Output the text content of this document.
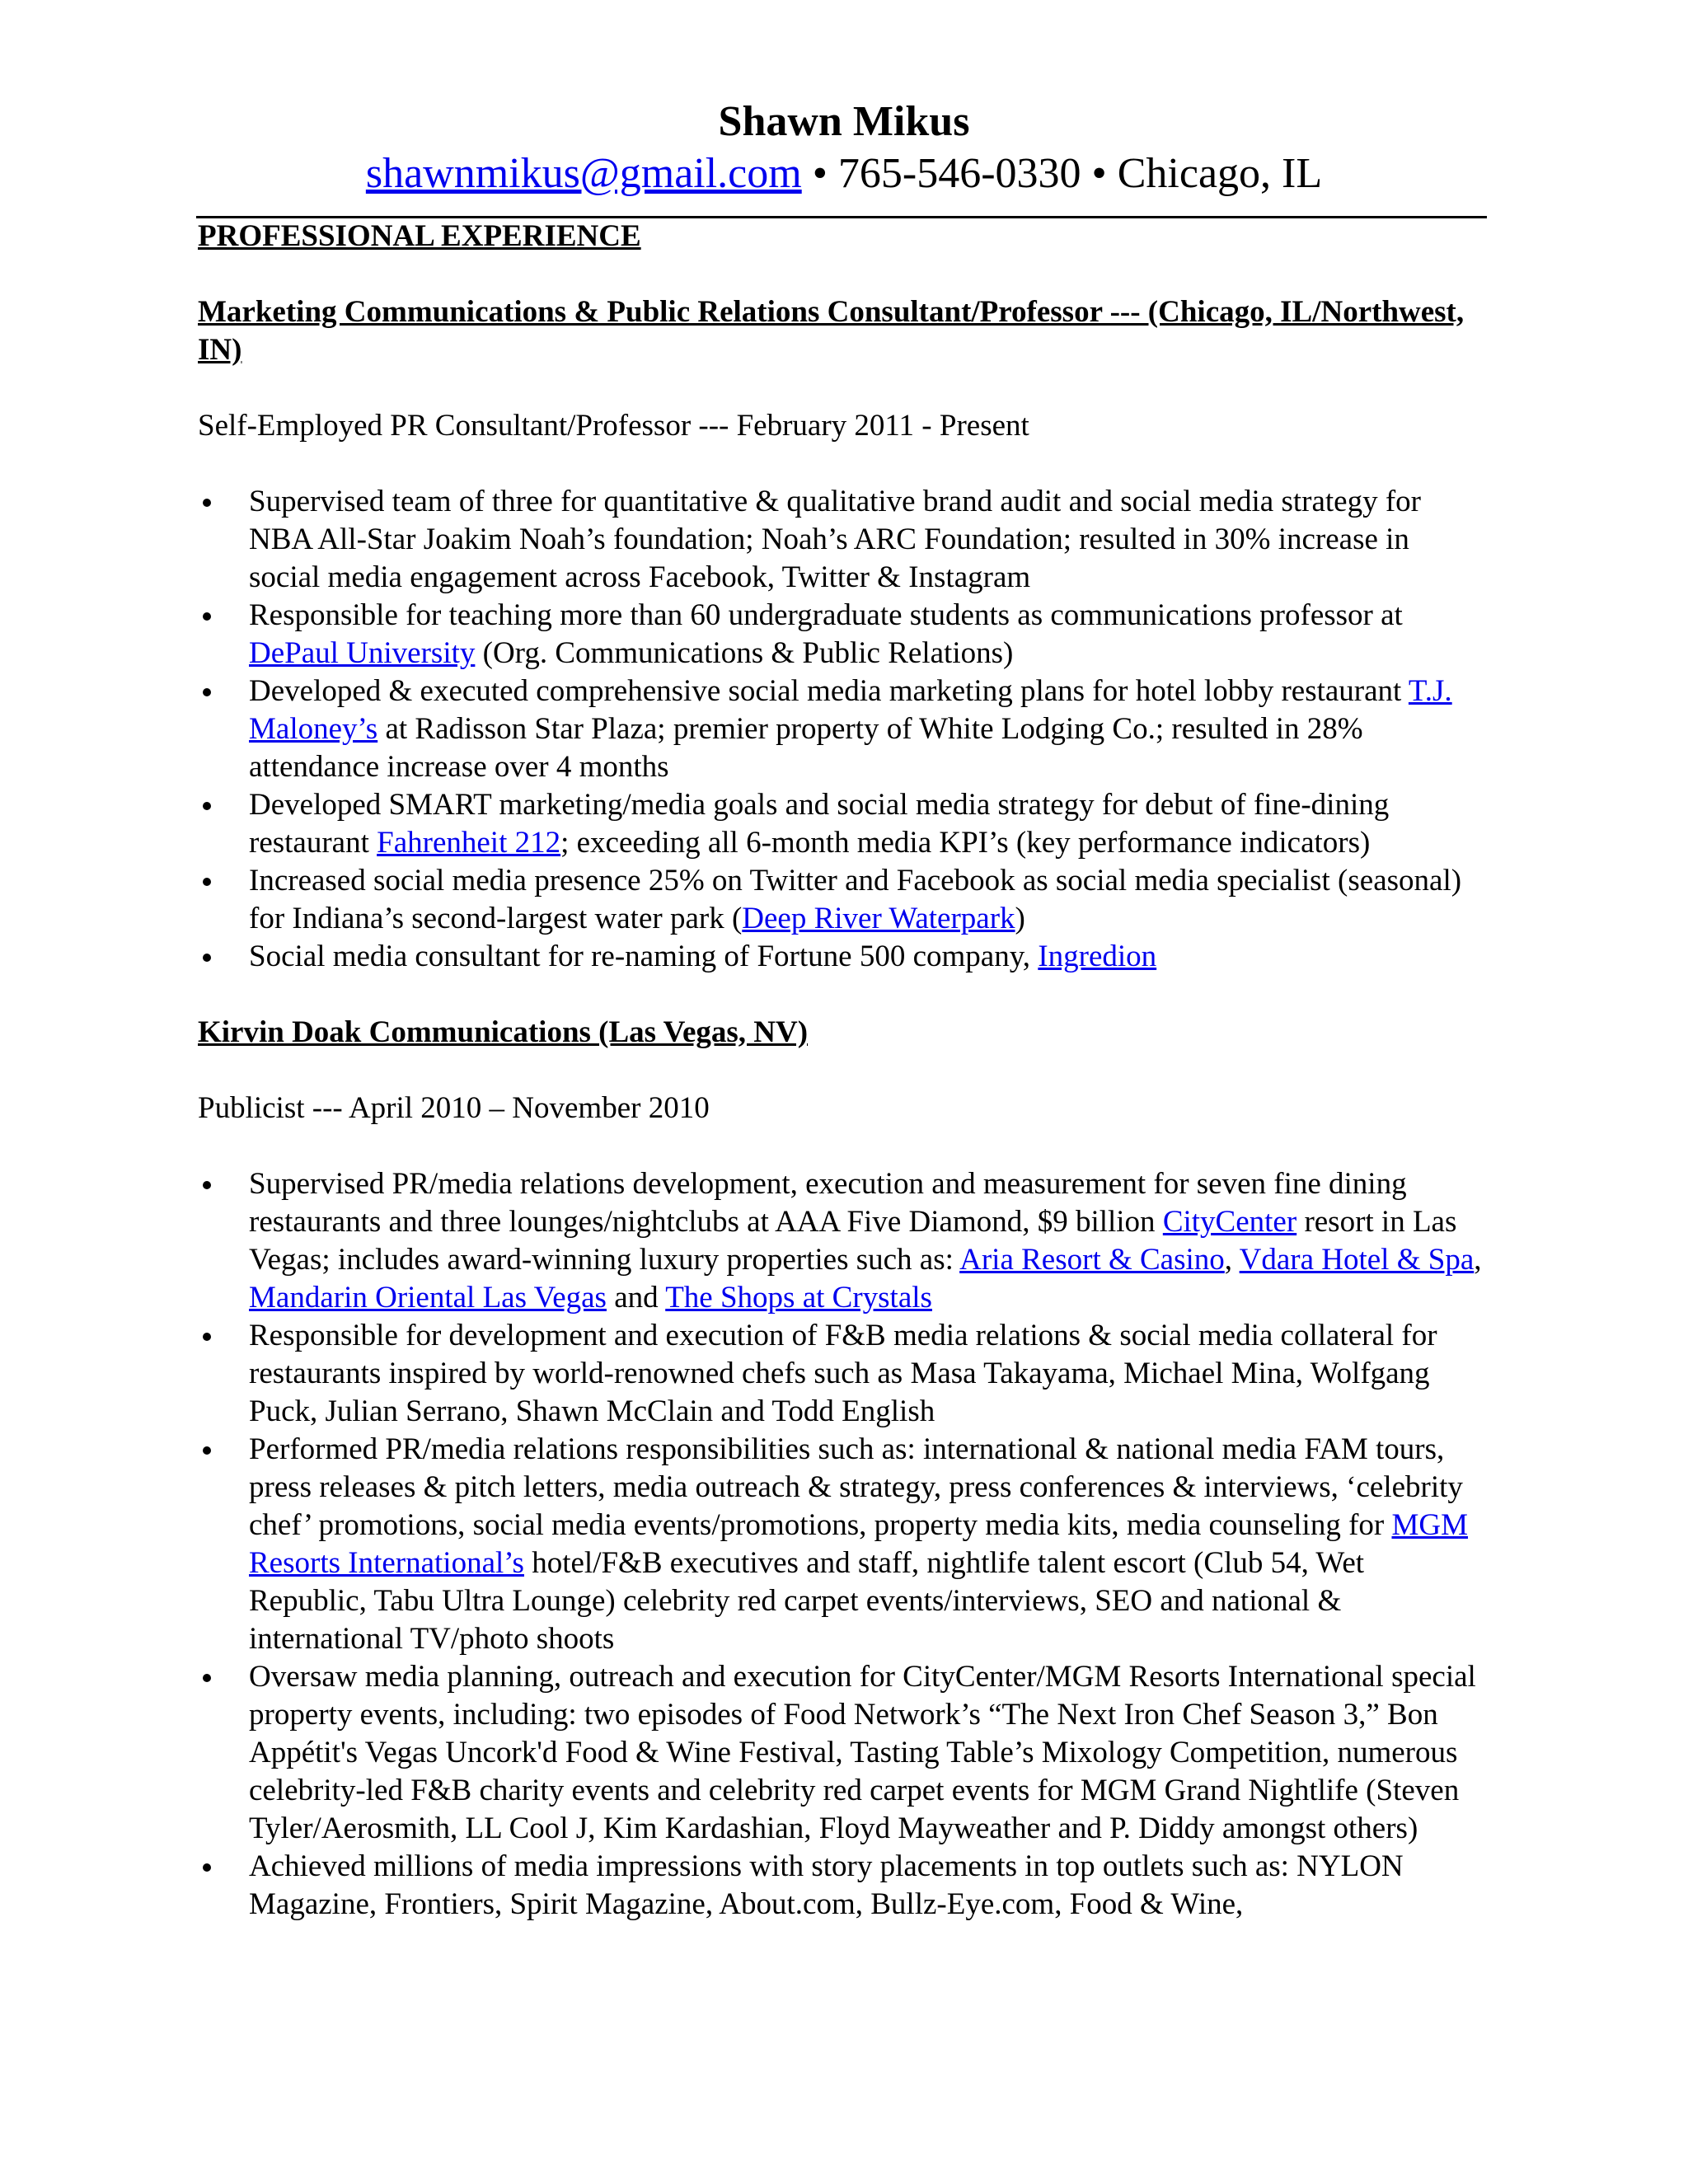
Shawn Mikus
shawnmikus@gmail.com • 765-546-0330 • Chicago, IL

PROFESSIONAL EXPERIENCE

Marketing Communications & Public Relations Consultant/Professor --- (Chicago, IL/Northwest, IN)

Self-Employed PR Consultant/Professor --- February 2011 - Present

Supervised team of three for quantitative & qualitative brand audit and social media strategy for NBA All-Star Joakim Noah’s foundation; Noah’s ARC Foundation; resulted in 30% increase in social media engagement across Facebook, Twitter & Instagram
Responsible for teaching more than 60 undergraduate students as communications professor at DePaul University (Org. Communications & Public Relations)
Developed & executed comprehensive social media marketing plans for hotel lobby restaurant T.J. Maloney’s at Radisson Star Plaza; premier property of White Lodging Co.; resulted in 28% attendance increase over 4 months
Developed SMART marketing/media goals and social media strategy for debut of fine-dining restaurant Fahrenheit 212; exceeding all 6-month media KPI’s (key performance indicators)
Increased social media presence 25% on Twitter and Facebook as social media specialist (seasonal) for Indiana’s second-largest water park (Deep River Waterpark)
Social media consultant for re-naming of Fortune 500 company, Ingredion

Kirvin Doak Communications (Las Vegas, NV)

Publicist --- April 2010 – November 2010

Supervised PR/media relations development, execution and measurement for seven fine dining restaurants and three lounges/nightclubs at AAA Five Diamond, $9 billion CityCenter resort in Las Vegas; includes award-winning luxury properties such as: Aria Resort & Casino, Vdara Hotel & Spa, Mandarin Oriental Las Vegas and The Shops at Crystals
Responsible for development and execution of F&B media relations & social media collateral for restaurants inspired by world-renowned chefs such as Masa Takayama, Michael Mina, Wolfgang Puck, Julian Serrano, Shawn McClain and Todd English
Performed PR/media relations responsibilities such as: international & national media FAM tours, press releases & pitch letters, media outreach & strategy, press conferences & interviews, ‘celebrity chef’ promotions, social media events/promotions, property media kits, media counseling for MGM Resorts International’s hotel/F&B executives and staff, nightlife talent escort (Club 54, Wet Republic, Tabu Ultra Lounge) celebrity red carpet events/interviews, SEO and national & international TV/photo shoots
Oversaw media planning, outreach and execution for CityCenter/MGM Resorts International special property events, including: two episodes of Food Network’s “The Next Iron Chef Season 3,” Bon Appétit's Vegas Uncork'd Food & Wine Festival, Tasting Table’s Mixology Competition, numerous celebrity-led F&B charity events and celebrity red carpet events for MGM Grand Nightlife (Steven Tyler/Aerosmith, LL Cool J, Kim Kardashian, Floyd Mayweather and P. Diddy amongst others)
Achieved millions of media impressions with story placements in top outlets such as: NYLON Magazine, Frontiers, Spirit Magazine, About.com, Bullz-Eye.com, Food & Wine,
